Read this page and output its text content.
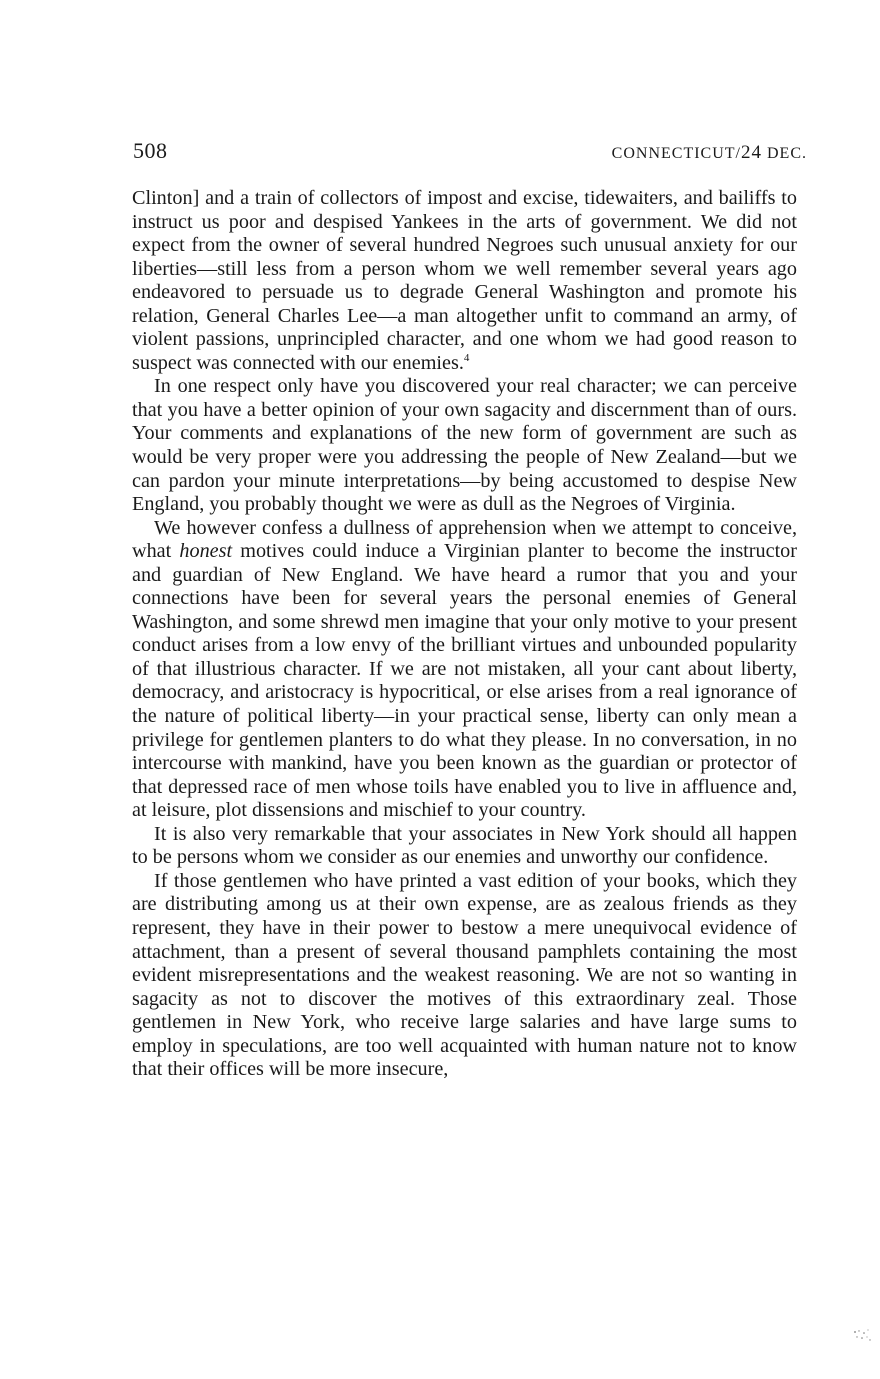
508	CONNECTICUT/24 DEC.

Clinton] and a train of collectors of impost and excise, tidewaiters, and bailiffs to instruct us poor and despised Yankees in the arts of government. We did not expect from the owner of several hundred Negroes such unusual anxiety for our liberties—still less from a person whom we well remember several years ago endeavored to persuade us to degrade General Washington and promote his relation, General Charles Lee—a man altogether unfit to command an army, of violent passions, unprincipled character, and one whom we had good reason to suspect was connected with our enemies.$^4$

In one respect only have you discovered your real character; we can perceive that you have a better opinion of your own sagacity and discernment than of ours. Your comments and explanations of the new form of government are such as would be very proper were you addressing the people of New Zealand—but we can pardon your minute interpretations—by being accustomed to despise New England, you probably thought we were as dull as the Negroes of Virginia.

We however confess a dullness of apprehension when we attempt to conceive, what honest motives could induce a Virginian planter to become the instructor and guardian of New England. We have heard a rumor that you and your connections have been for several years the personal enemies of General Washington, and some shrewd men imagine that your only motive to your present conduct arises from a low envy of the brilliant virtues and unbounded popularity of that illustrious character. If we are not mistaken, all your cant about liberty, democracy, and aristocracy is hypocritical, or else arises from a real ignorance of the nature of political liberty—in your practical sense, liberty can only mean a privilege for gentlemen planters to do what they please. In no conversation, in no intercourse with mankind, have you been known as the guardian or protector of that depressed race of men whose toils have enabled you to live in affluence and, at leisure, plot dissensions and mischief to your country.

It is also very remarkable that your associates in New York should all happen to be persons whom we consider as our enemies and unworthy our confidence.

If those gentlemen who have printed a vast edition of your books, which they are distributing among us at their own expense, are as zealous friends as they represent, they have in their power to bestow a mere unequivocal evidence of attachment, than a present of several thousand pamphlets containing the most evident misrepresentations and the weakest reasoning. We are not so wanting in sagacity as not to discover the motives of this extraordinary zeal. Those gentlemen in New York, who receive large salaries and have large sums to employ in speculations, are too well acquainted with human nature not to know that their offices will be more insecure,
